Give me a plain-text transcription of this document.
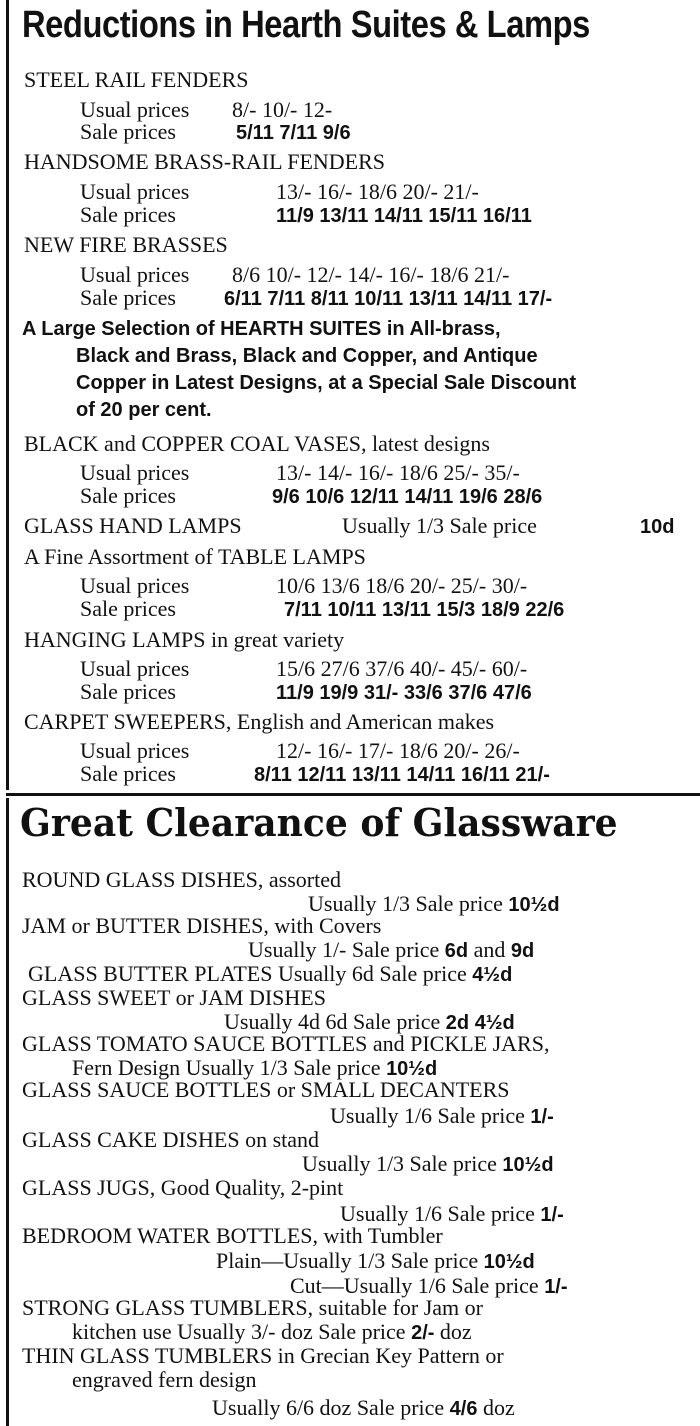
Reductions in Hearth Suites & Lamps
STEEL RAIL FENDERS
Usual prices 8/- 10/- 12-
Sale prices	5/11 7/11 9/6
HANDSOME BRASS-RAIL FENDERS
Usual prices	13/- 16/- 18/6 20/- 21/-
Sale prices	11/9 13/11 14/11 15/11 16/11
NEW FIRE BRASSES
Usual prices 8/6 10/- 12/- 14/- 16/- 18/6 21/-
Sale prices 6/11 7/11 8/11 10/11 13/11 14/11 17/-
A Large Selection of HEARTH SUITES in All-brass,
Black and Brass, Black and Copper, and Antique
Copper in Latest Designs, at a Special Sale Discount
of 20 per cent.
BLACK and COPPER COAL VASES, latest designs
Usual prices	13/- 14/- 16/- 18/6 25/- 35/-
Sale prices	9/6 10/6 12/11 14/11 19/6 28/6
GLASS HAND LAMPS	Usually 1/3 Sale price	10d
A Fine Assortment of TABLE LAMPS
Usual prices	10/6 13/6 18/6 20/- 25/- 30/-
Sale prices	7/11 10/11 13/11 15/3 18/9 22/6
HANGING LAMPS in great variety
Usual prices	15/6 27/6 37/6 40/- 45/- 60/-
Sale prices	11/9 19/9 31/- 33/6 37/6 47/6
CARPET SWEEPERS, English and American makes
Usual prices	12/- 16/- 17/- 18/6 20/- 26/-
Sale prices	8/11 12/11 13/11 14/11 16/11 21/-
Great Clearance of Glassware
ROUND GLASS DISHES, assorted
Usually 1/3 Sale price 10½d
JAM or BUTTER DISHES, with Covers
Usually 1/- Sale price 6d and 9d
GLASS BUTTER PLATES Usually 6d Sale price 4½d
GLASS SWEET or JAM DISHES
Usually 4d 6d Sale price 2d 4½d
GLASS TOMATO SAUCE BOTTLES and PICKLE JARS,
Fern Design Usually 1/3 Sale price 10½d
GLASS SAUCE BOTTLES or SMALL DECANTERS
Usually 1/6 Sale price 1/-
GLASS CAKE DISHES on stand
Usually 1/3 Sale price 10½d
GLASS JUGS, Good Quality, 2-pint
Usually 1/6 Sale price 1/-
BEDROOM WATER BOTTLES, with Tumbler
Plain—Usually 1/3 Sale price 10½d
Cut—Usually 1/6 Sale price 1/-
STRONG GLASS TUMBLERS, suitable for Jam or
kitchen use Usually 3/- doz Sale price 2/- doz
THIN GLASS TUMBLERS in Grecian Key Pattern or
engraved fern design
Usually 6/6 doz Sale price 4/6 doz
